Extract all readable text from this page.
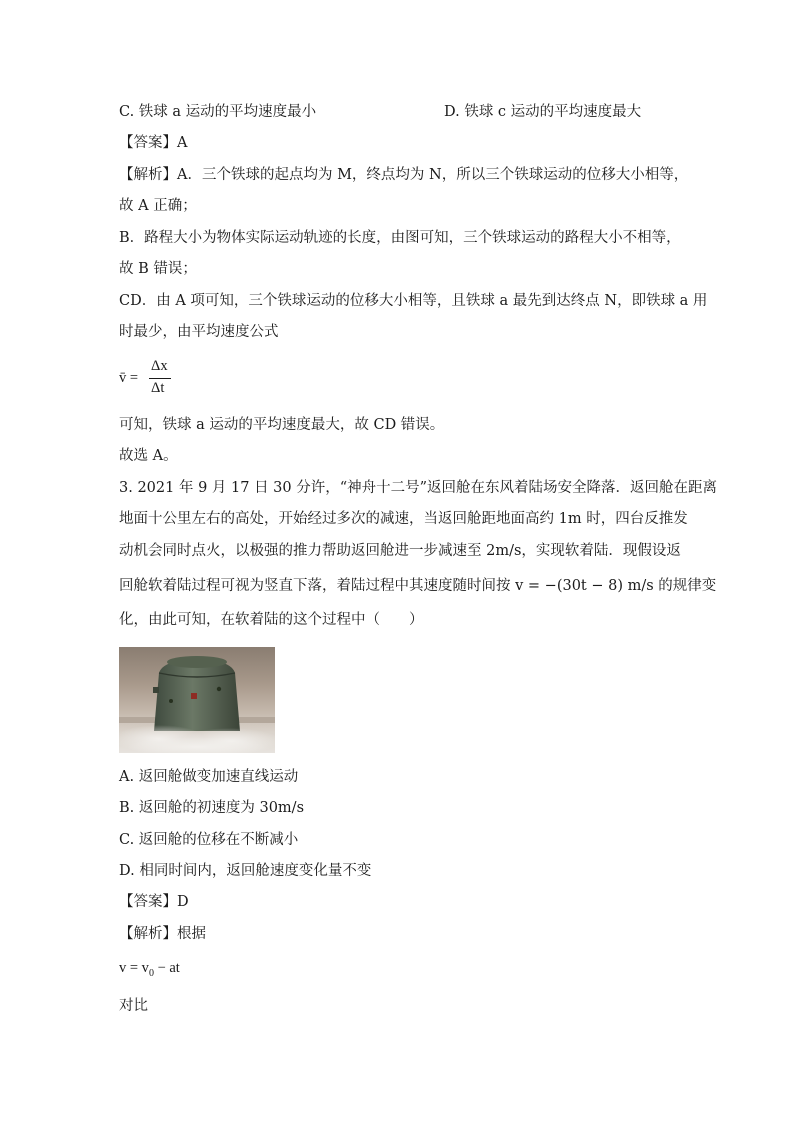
C. 铁球 a 运动的平均速度最小	D. 铁球 c 运动的平均速度最大
【答案】A
【解析】A．三个铁球的起点均为 M，终点均为 N，所以三个铁球运动的位移大小相等，
故 A 正确；
B．路程大小为物体实际运动轨迹的长度，由图可知，三个铁球运动的路程大小不相等，
故 B 错误；
CD．由 A 项可知，三个铁球运动的位移大小相等，且铁球 a 最先到达终点 N，即铁球 a 用
时最少，由平均速度公式
v̄ =
Δx
Δt
可知，铁球 a 运动的平均速度最大，故 CD 错误。
故选 A。
3. 2021 年 9 月 17 日 30 分许，“神舟十二号”返回舱在东风着陆场安全降落．返回舱在距离
地面十公里左右的高处，开始经过多次的减速，当返回舱距地面高约 1m 时，四台反推发
动机会同时点火，以极强的推力帮助返回舱进一步减速至 2m/s，实现软着陆．现假设返
回舱软着陆过程可视为竖直下落，着陆过程中其速度随时间按 v = −(30t − 8) m/s 的规律变
化，由此可知，在软着陆的这个过程中（　　）
A. 返回舱做变加速直线运动
B. 返回舱的初速度为 30m/s
C. 返回舱的位移在不断减小
D. 相同时间内，返回舱速度变化量不变
【答案】D
【解析】根据
$v = v_0$ − at
对比
